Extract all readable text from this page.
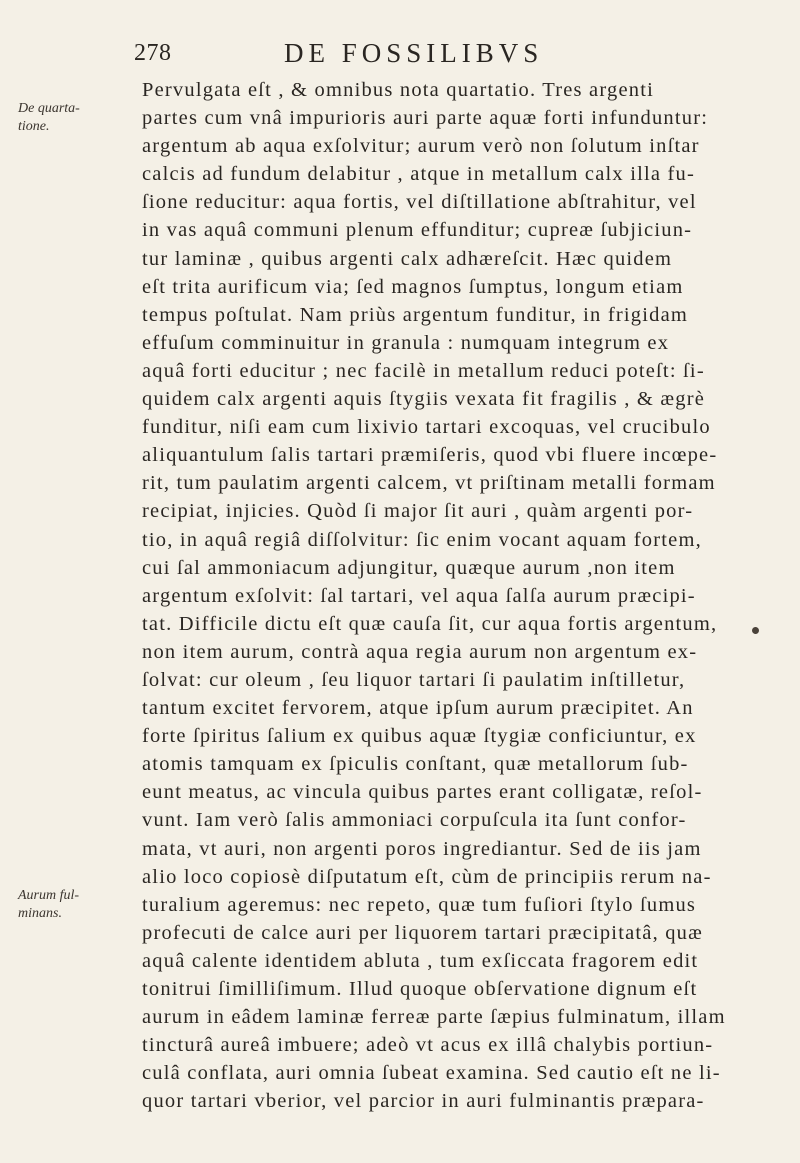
278	DE FOSSILIBVS
De quarta-
tione.
Aurum ful-
minans.
Pervulgata eſt , & omnibus nota quartatio. Tres argenti
partes cum vnâ impurioris auri parte aquæ forti infunduntur:
argentum ab aqua exſolvitur; aurum verò non ſolutum inſtar
calcis ad fundum delabitur , atque in metallum calx illa fu-
ſione reducitur: aqua fortis, vel diſtillatione abſtrahitur, vel
in vas aquâ communi plenum effunditur; cupreæ ſubjiciun-
tur laminæ , quibus argenti calx adhæreſcit. Hæc quidem
eſt trita aurificum via; ſed magnos ſumptus, longum etiam
tempus poſtulat. Nam priùs argentum funditur, in frigidam
effuſum comminuitur in granula : numquam integrum ex
aquâ forti educitur ; nec facilè in metallum reduci poteſt: ſi-
quidem calx argenti aquis ſtygiis vexata fit fragilis , & ægrè
funditur, niſi eam cum lixivio tartari excoquas, vel crucibulo
aliquantulum ſalis tartari præmiſeris, quod vbi fluere incœpe-
rit, tum paulatim argenti calcem, vt priſtinam metalli formam
recipiat, injicies. Quòd ſi major ſit auri , quàm argenti por-
tio, in aquâ regiâ diſſolvitur: ſic enim vocant aquam fortem,
cui ſal ammoniacum adjungitur, quæque aurum ,non item
argentum exſolvit: ſal tartari, vel aqua ſalſa aurum præcipi-
tat. Difficile dictu eſt quæ cauſa ſit, cur aqua fortis argentum,
non item aurum, contrà aqua regia aurum non argentum ex-
ſolvat: cur oleum , ſeu liquor tartari ſi paulatim inſtilletur,
tantum excitet fervorem, atque ipſum aurum præcipitet. An
forte ſpiritus ſalium ex quibus aquæ ſtygiæ conficiuntur, ex
atomis tamquam ex ſpiculis conſtant, quæ metallorum ſub-
eunt meatus, ac vincula quibus partes erant colligatæ, reſol-
vunt. Iam verò ſalis ammoniaci corpuſcula ita ſunt confor-
mata, vt auri, non argenti poros ingrediantur. Sed de iis jam
alio loco copiosè diſputatum eſt, cùm de principiis rerum na-
turalium ageremus: nec repeto, quæ tum fuſiori ſtylo ſumus
profecuti de calce auri per liquorem tartari præcipitatâ, quæ
aquâ calente identidem abluta , tum exſiccata fragorem edit
tonitrui ſimilliſimum. Illud quoque obſervatione dignum eſt
aurum in eâdem laminæ ferreæ parte ſæpius fulminatum, illam
tincturâ aureâ imbuere; adeò vt acus ex illâ chalybis portiun-
culâ conflata, auri omnia ſubeat examina. Sed cautio eſt ne li-
quor tartari vberior, vel parcior in auri fulminantis præpara-
